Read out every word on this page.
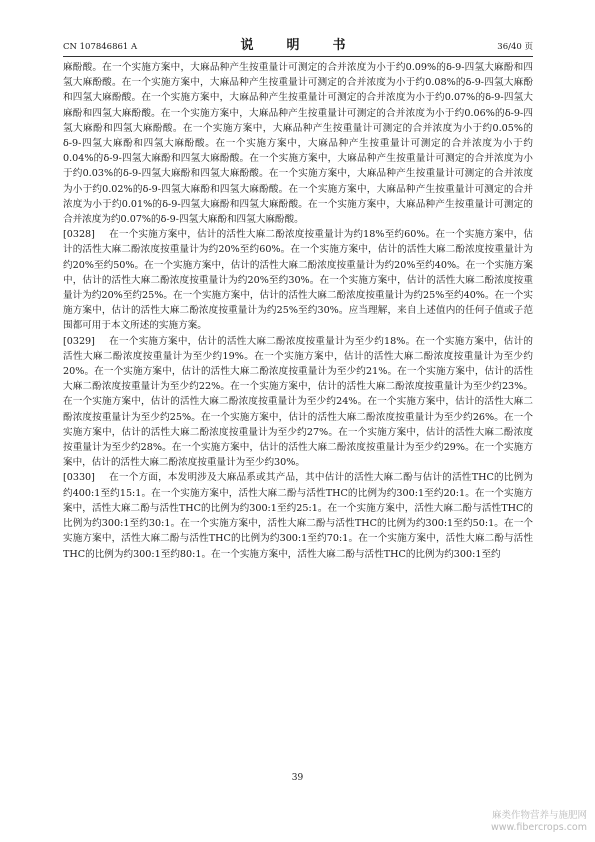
CN 107846861 A	说　明　书	36/40 页

麻酚酸。在一个实施方案中，大麻品种产生按重量计可测定的合并浓度为小于约0.09%的δ-9-四氢大麻酚和四氢大麻酚酸。在一个实施方案中，大麻品种产生按重量计可测定的合并浓度为小于约0.08%的δ-9-四氢大麻酚和四氢大麻酚酸。在一个实施方案中，大麻品种产生按重量计可测定的合并浓度为小于约0.07%的δ-9-四氢大麻酚和四氢大麻酚酸。在一个实施方案中，大麻品种产生按重量计可测定的合并浓度为小于约0.06%的δ-9-四氢大麻酚和四氢大麻酚酸。在一个实施方案中，大麻品种产生按重量计可测定的合并浓度为小于约0.05%的δ-9-四氢大麻酚和四氢大麻酚酸。在一个实施方案中，大麻品种产生按重量计可测定的合并浓度为小于约0.04%的δ-9-四氢大麻酚和四氢大麻酚酸。在一个实施方案中，大麻品种产生按重量计可测定的合并浓度为小于约0.03%的δ-9-四氢大麻酚和四氢大麻酚酸。在一个实施方案中，大麻品种产生按重量计可测定的合并浓度为小于约0.02%的δ-9-四氢大麻酚和四氢大麻酚酸。在一个实施方案中，大麻品种产生按重量计可测定的合并浓度为小于约0.01%的δ-9-四氢大麻酚和四氢大麻酚酸。在一个实施方案中，大麻品种产生按重量计可测定的合并浓度为约0.07%的δ-9-四氢大麻酚和四氢大麻酚酸。

[0328] 在一个实施方案中，估计的活性大麻二酚浓度按重量计为约18%至约60%。在一个实施方案中，估计的活性大麻二酚浓度按重量计为约20%至约60%。在一个实施方案中，估计的活性大麻二酚浓度按重量计为约20%至约50%。在一个实施方案中，估计的活性大麻二酚浓度按重量计为约20%至约40%。在一个实施方案中，估计的活性大麻二酚浓度按重量计为约20%至约30%。在一个实施方案中，估计的活性大麻二酚浓度按重量计为约20%至约25%。在一个实施方案中，估计的活性大麻二酚浓度按重量计为约25%至约40%。在一个实施方案中，估计的活性大麻二酚浓度按重量计为约25%至约30%。应当理解，来自上述值内的任何子值或子范围都可用于本文所述的实施方案。

[0329] 在一个实施方案中，估计的活性大麻二酚浓度按重量计为至少约18%。在一个实施方案中，估计的活性大麻二酚浓度按重量计为至少约19%。在一个实施方案中，估计的活性大麻二酚浓度按重量计为至少约20%。在一个实施方案中，估计的活性大麻二酚浓度按重量计为至少约21%。在一个实施方案中，估计的活性大麻二酚浓度按重量计为至少约22%。在一个实施方案中，估计的活性大麻二酚浓度按重量计为至少约23%。在一个实施方案中，估计的活性大麻二酚浓度按重量计为至少约24%。在一个实施方案中，估计的活性大麻二酚浓度按重量计为至少约25%。在一个实施方案中，估计的活性大麻二酚浓度按重量计为至少约26%。在一个实施方案中，估计的活性大麻二酚浓度按重量计为至少约27%。在一个实施方案中，估计的活性大麻二酚浓度按重量计为至少约28%。在一个实施方案中，估计的活性大麻二酚浓度按重量计为至少约29%。在一个实施方案中，估计的活性大麻二酚浓度按重量计为至少约30%。

[0330] 在一个方面，本发明涉及大麻品系或其产品，其中估计的活性大麻二酚与估计的活性THC的比例为约400:1至约15:1。在一个实施方案中，活性大麻二酚与活性THC的比例为约300:1至约20:1。在一个实施方案中，活性大麻二酚与活性THC的比例为约300:1至约25:1。在一个实施方案中，活性大麻二酚与活性THC的比例为约300:1至约30:1。在一个实施方案中，活性大麻二酚与活性THC的比例为约300:1至约50:1。在一个实施方案中，活性大麻二酚与活性THC的比例为约300:1至约70:1。在一个实施方案中，活性大麻二酚与活性THC的比例为约300:1至约80:1。在一个实施方案中，活性大麻二酚与活性THC的比例为约300:1至约

39
麻类作物营养与施肥网
www.fibercrops.com
